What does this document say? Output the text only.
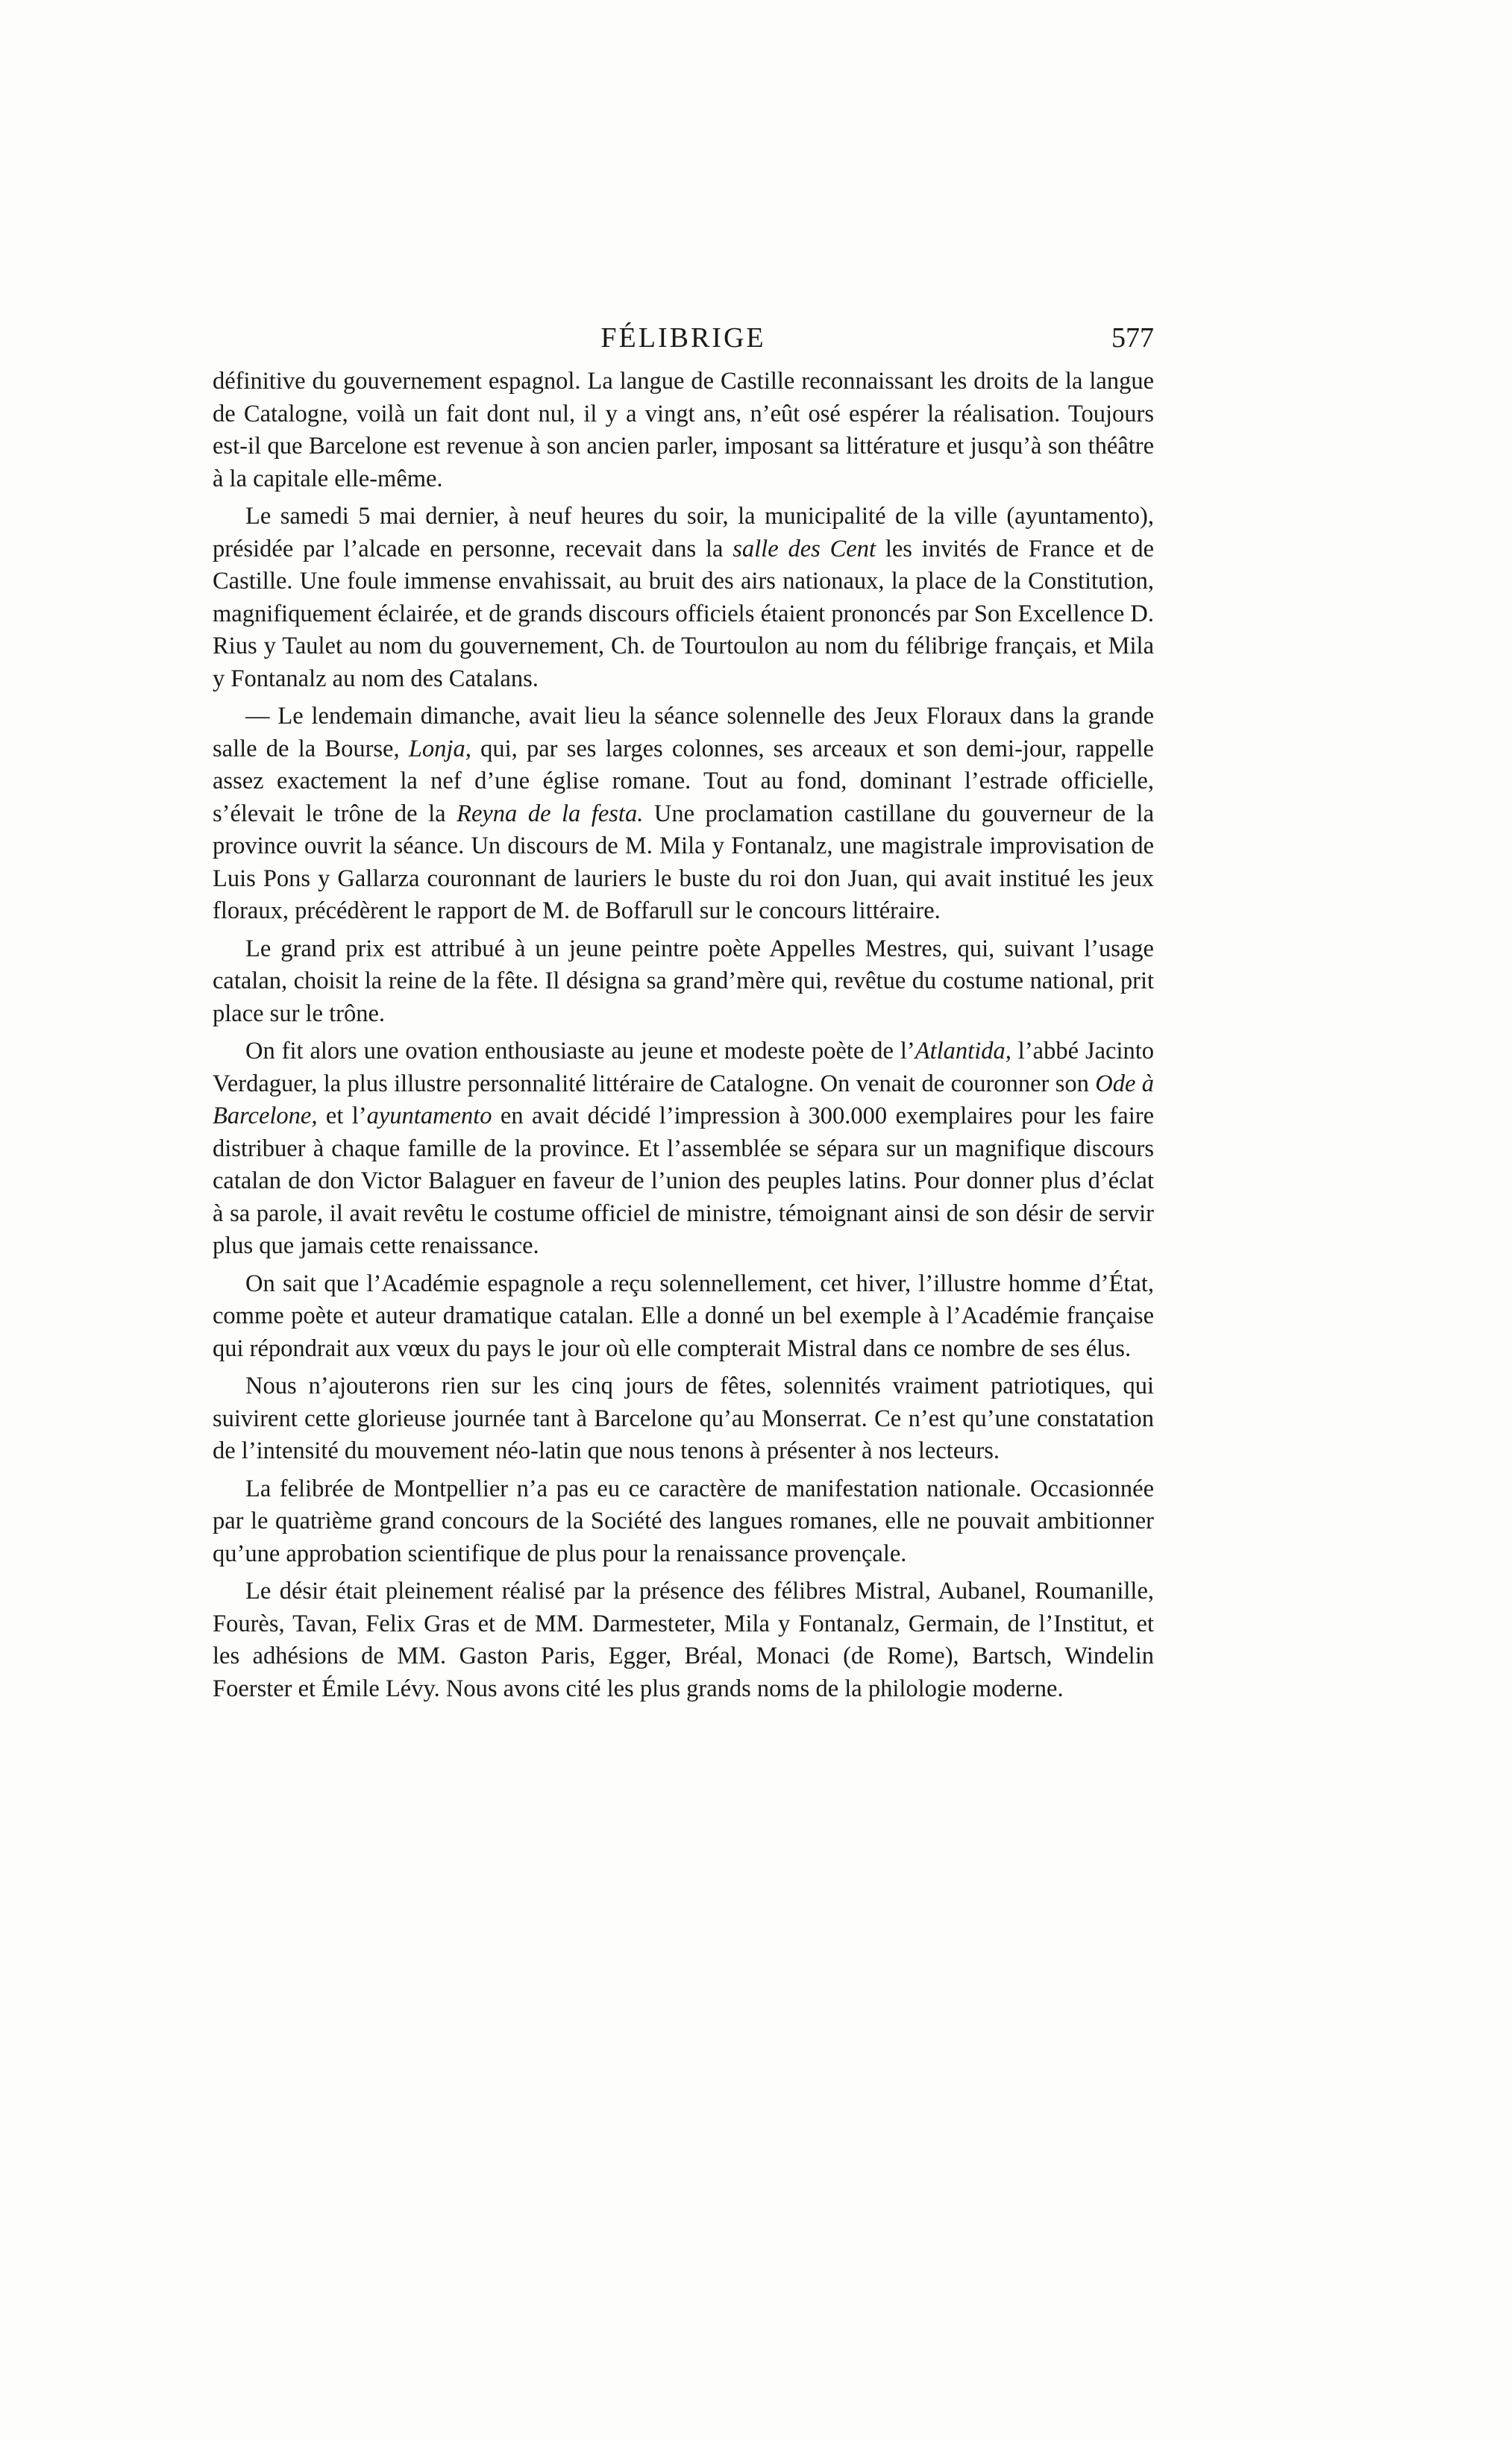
FÉLIBRIGE	577

définitive du gouvernement espagnol. La langue de Castille reconnaissant les droits de la langue de Catalogne, voilà un fait dont nul, il y a vingt ans, n’eût osé espérer la réalisation. Toujours est-il que Barcelone est revenue à son ancien parler, imposant sa littérature et jusqu’à son théâtre à la capitale elle-même.

Le samedi 5 mai dernier, à neuf heures du soir, la municipalité de la ville (ayuntamento), présidée par l’alcade en personne, recevait dans la salle des Cent les invités de France et de Castille. Une foule immense envahissait, au bruit des airs nationaux, la place de la Constitution, magnifiquement éclairée, et de grands discours officiels étaient prononcés par Son Excellence D. Rius y Taulet au nom du gouvernement, Ch. de Tourtoulon au nom du félibrige français, et Mila y Fontanalz au nom des Catalans.

— Le lendemain dimanche, avait lieu la séance solennelle des Jeux Floraux dans la grande salle de la Bourse, Lonja, qui, par ses larges colonnes, ses arceaux et son demi-jour, rappelle assez exactement la nef d’une église romane. Tout au fond, dominant l’estrade officielle, s’élevait le trône de la Reyna de la festa. Une proclamation castillane du gouverneur de la province ouvrit la séance. Un discours de M. Mila y Fontanalz, une magistrale improvisation de Luis Pons y Gallarza couronnant de lauriers le buste du roi don Juan, qui avait institué les jeux floraux, précédèrent le rapport de M. de Boffarull sur le concours littéraire.

Le grand prix est attribué à un jeune peintre poète Appelles Mestres, qui, suivant l’usage catalan, choisit la reine de la fête. Il désigna sa grand’mère qui, revêtue du costume national, prit place sur le trône.

On fit alors une ovation enthousiaste au jeune et modeste poète de l’Atlantida, l’abbé Jacinto Verdaguer, la plus illustre personnalité littéraire de Catalogne. On venait de couronner son Ode à Barcelone, et l’ayuntamento en avait décidé l’impression à 300.000 exemplaires pour les faire distribuer à chaque famille de la province. Et l’assemblée se sépara sur un magnifique discours catalan de don Victor Balaguer en faveur de l’union des peuples latins. Pour donner plus d’éclat à sa parole, il avait revêtu le costume officiel de ministre, témoignant ainsi de son désir de servir plus que jamais cette renaissance.

On sait que l’Académie espagnole a reçu solennellement, cet hiver, l’illustre homme d’État, comme poète et auteur dramatique catalan. Elle a donné un bel exemple à l’Académie française qui répondrait aux vœux du pays le jour où elle compterait Mistral dans ce nombre de ses élus.

Nous n’ajouterons rien sur les cinq jours de fêtes, solennités vraiment patriotiques, qui suivirent cette glorieuse journée tant à Barcelone qu’au Monserrat. Ce n’est qu’une constatation de l’intensité du mouvement néo-latin que nous tenons à présenter à nos lecteurs.

La felibrée de Montpellier n’a pas eu ce caractère de manifestation nationale. Occasionnée par le quatrième grand concours de la Société des langues romanes, elle ne pouvait ambitionner qu’une approbation scientifique de plus pour la renaissance provençale.

Le désir était pleinement réalisé par la présence des félibres Mistral, Aubanel, Roumanille, Fourès, Tavan, Felix Gras et de MM. Darmesteter, Mila y Fontanalz, Germain, de l’Institut, et les adhésions de MM. Gaston Paris, Egger, Bréal, Monaci (de Rome), Bartsch, Windelin Foerster et Émile Lévy. Nous avons cité les plus grands noms de la philologie moderne.
